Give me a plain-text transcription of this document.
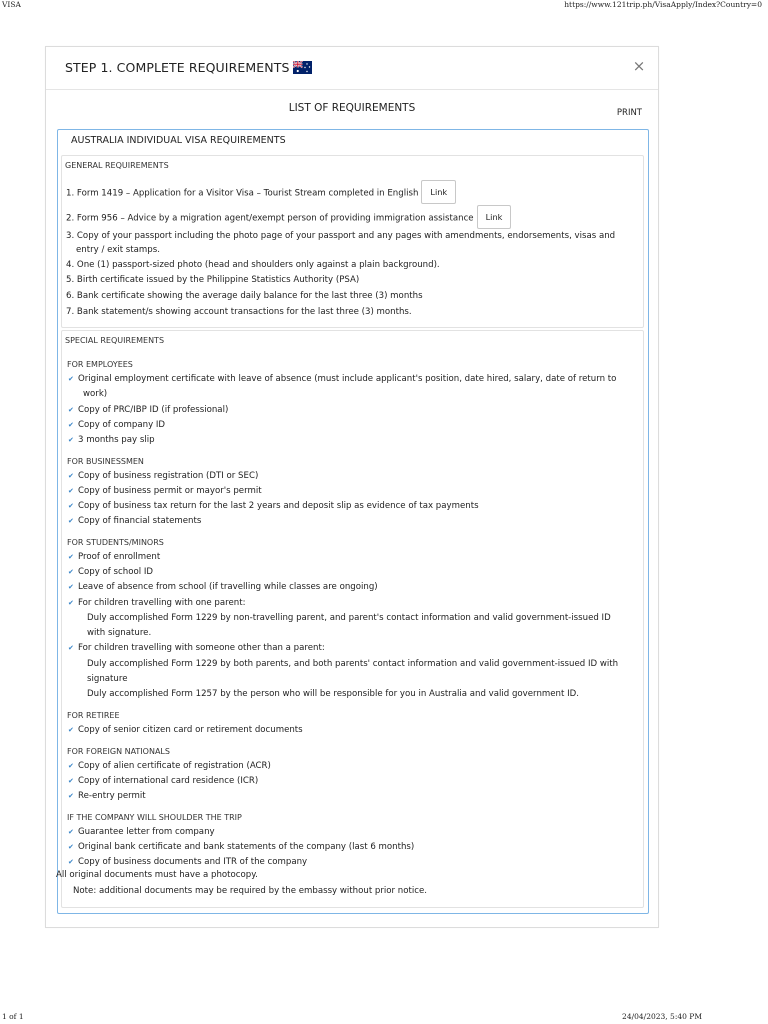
VISA	https://www.121trip.ph/VisaApply/Index?Country=0
STEP 1. COMPLETE REQUIREMENTS	×
LIST OF REQUIREMENTS	PRINT
AUSTRALIA INDIVIDUAL VISA REQUIREMENTS
GENERAL REQUIREMENTS
1. Form 1419 – Application for a Visitor Visa – Tourist Stream completed in English Link
2. Form 956 – Advice by a migration agent/exempt person of providing immigration assistance Link
3. Copy of your passport including the photo page of your passport and any pages with amendments, endorsements, visas and
entry / exit stamps.
4. One (1) passport-sized photo (head and shoulders only against a plain background).
5. Birth certificate issued by the Philippine Statistics Authority (PSA)
6. Bank certificate showing the average daily balance for the last three (3) months
7. Bank statement/s showing account transactions for the last three (3) months.
SPECIAL REQUIREMENTS
FOR EMPLOYEES
✔ Original employment certificate with leave of absence (must include applicant's position, date hired, salary, date of return to
work)
✔ Copy of PRC/IBP ID (if professional)
✔ Copy of company ID
✔ 3 months pay slip
FOR BUSINESSMEN
✔ Copy of business registration (DTI or SEC)
✔ Copy of business permit or mayor's permit
✔ Copy of business tax return for the last 2 years and deposit slip as evidence of tax payments
✔ Copy of financial statements
FOR STUDENTS/MINORS
✔ Proof of enrollment
✔ Copy of school ID
✔ Leave of absence from school (if travelling while classes are ongoing)
✔ For children travelling with one parent:
Duly accomplished Form 1229 by non-travelling parent, and parent's contact information and valid government-issued ID
with signature.
✔ For children travelling with someone other than a parent:
Duly accomplished Form 1229 by both parents, and both parents' contact information and valid government-issued ID with
signature
Duly accomplished Form 1257 by the person who will be responsible for you in Australia and valid government ID.
FOR RETIREE
✔ Copy of senior citizen card or retirement documents
FOR FOREIGN NATIONALS
✔ Copy of alien certificate of registration (ACR)
✔ Copy of international card residence (ICR)
✔ Re-entry permit
IF THE COMPANY WILL SHOULDER THE TRIP
✔ Guarantee letter from company
✔ Original bank certificate and bank statements of the company (last 6 months)
✔ Copy of business documents and ITR of the company
All original documents must have a photocopy.
Note: additional documents may be required by the embassy without prior notice.
1 of 1	24/04/2023, 5:40 PM
